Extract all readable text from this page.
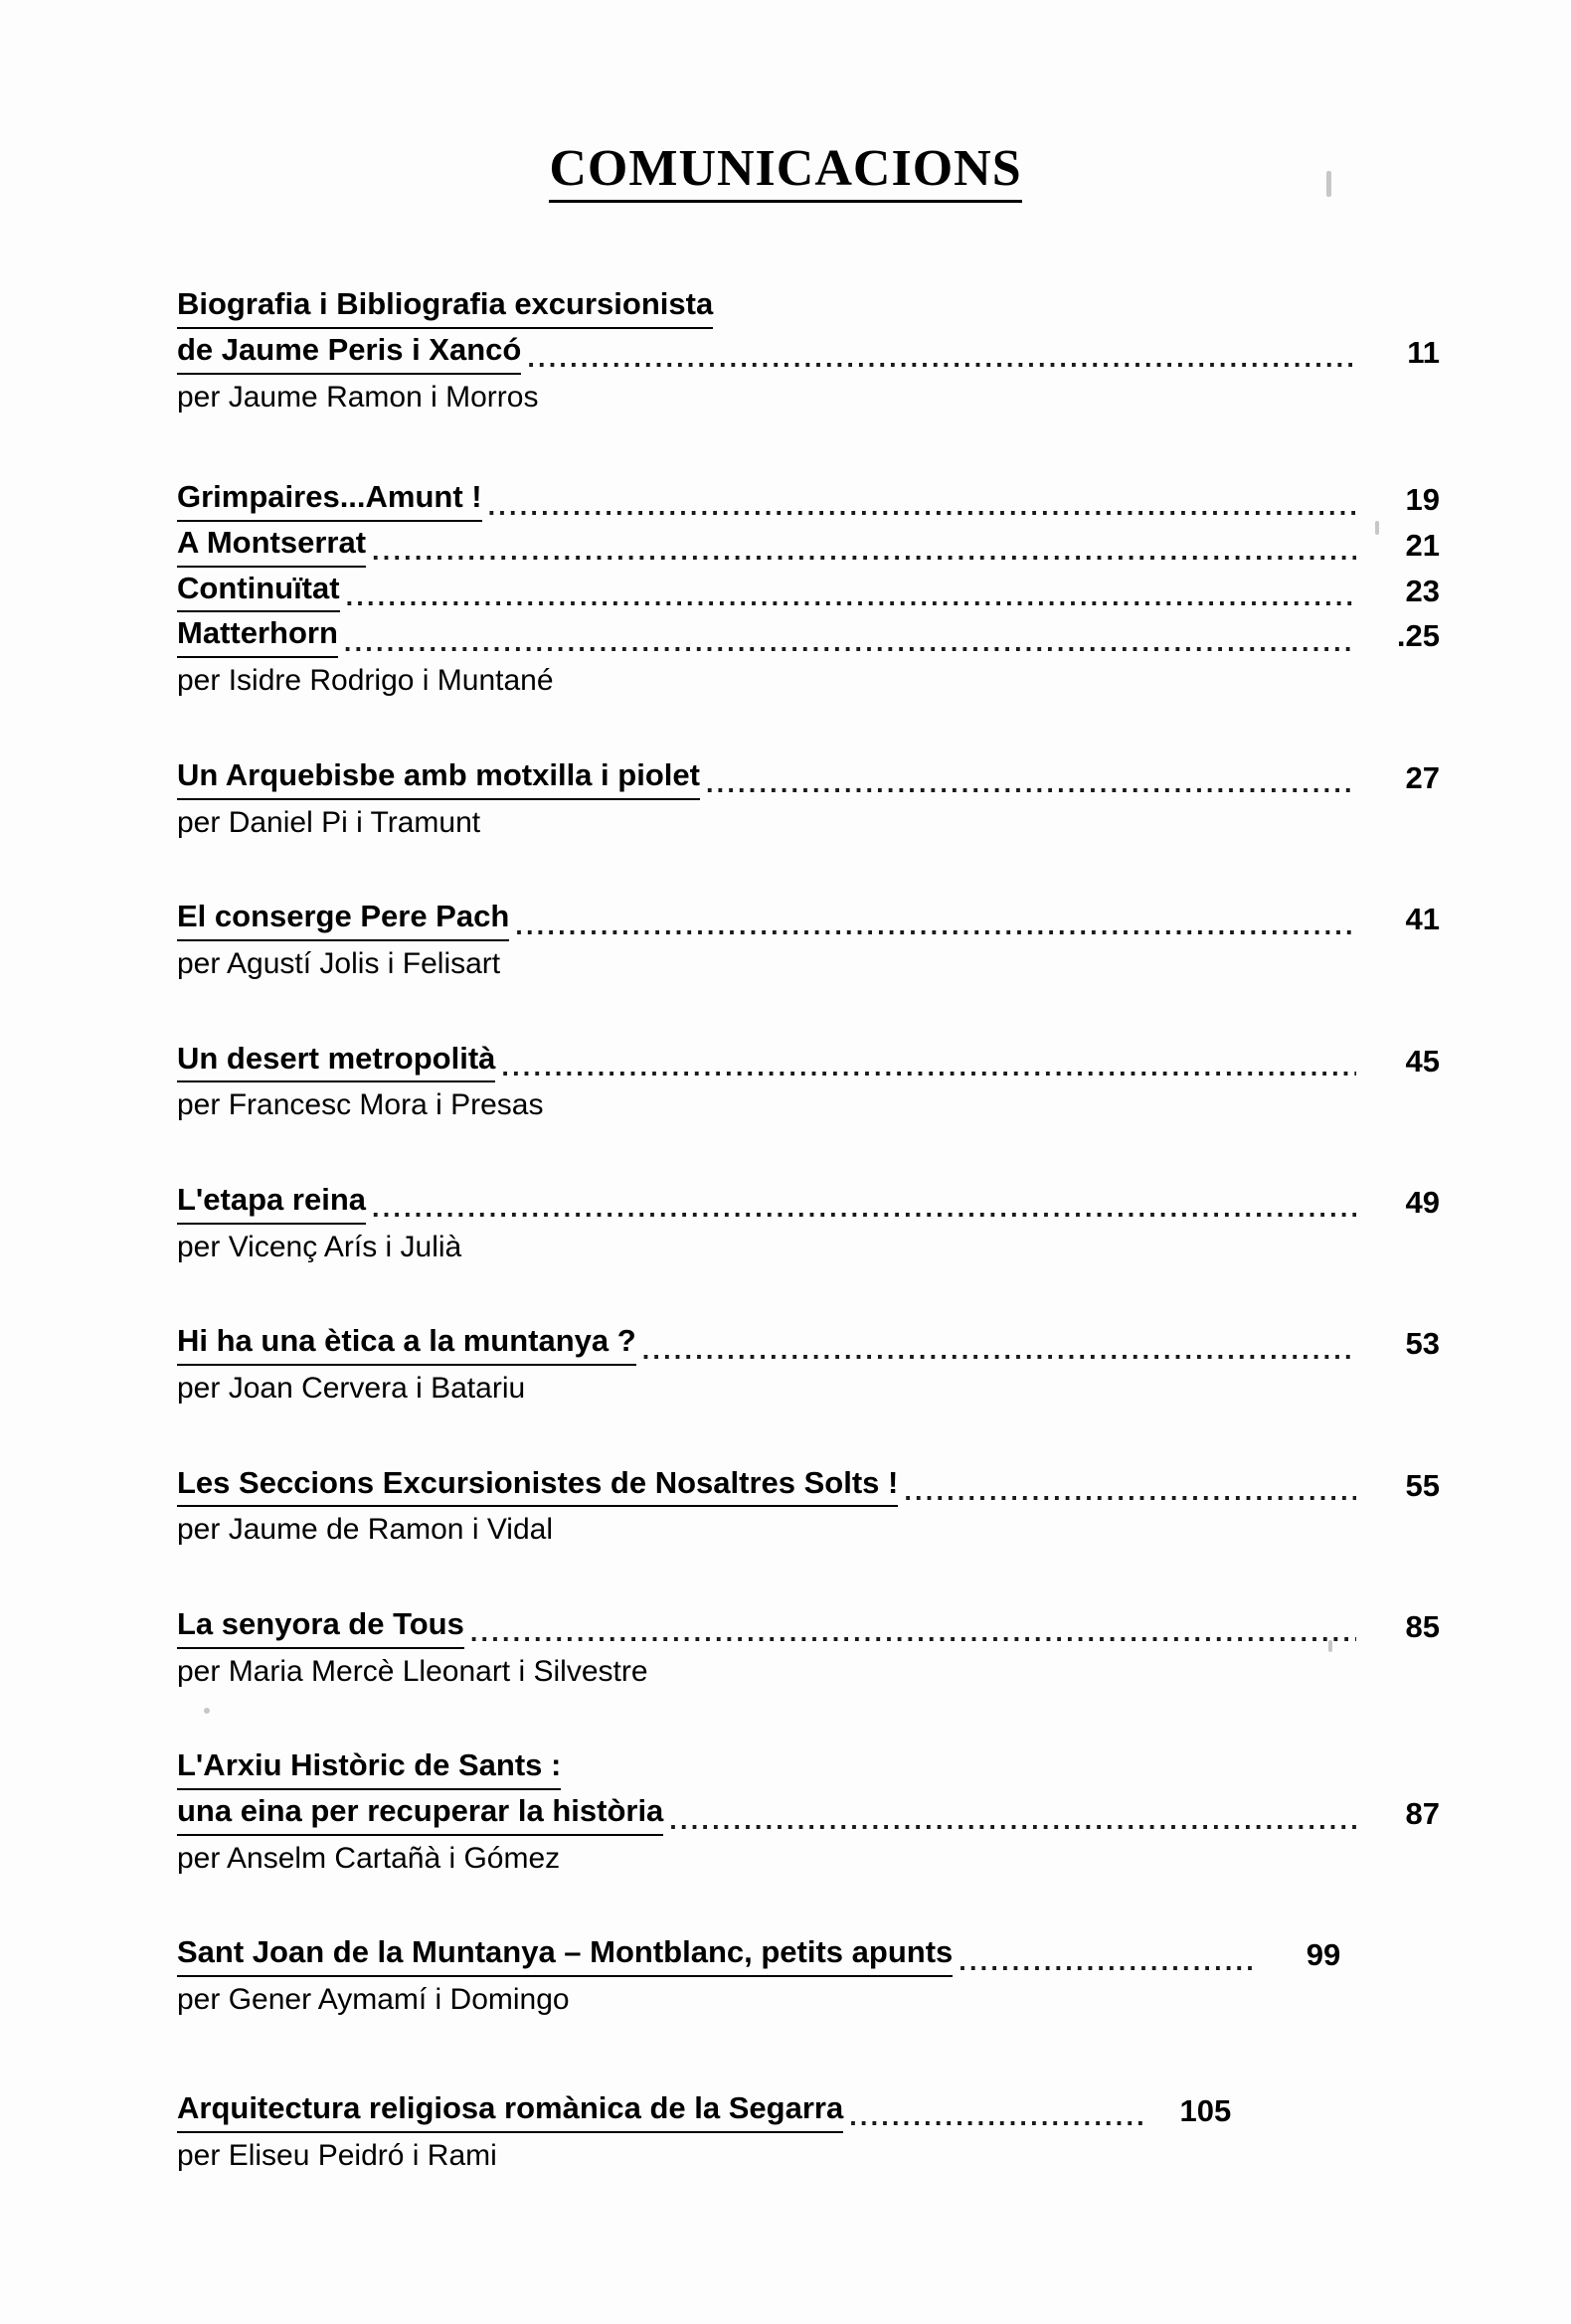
COMUNICACIONS
Biografia i Bibliografia excursionista
de Jaume Peris i Xancó .....	11
per Jaume Ramon i Morros
Grimpaires...Amunt ! .....	19
A Montserrat .....	21
Continuïtat .....	23
Matterhorn .....	.25
per Isidre Rodrigo i Muntané
Un Arquebisbe amb motxilla i piolet .....	27
per Daniel Pi i Tramunt
El conserge Pere Pach .....	41
per Agustí Jolis i Felisart
Un desert metropolità .....	45
per Francesc Mora i Presas
L'etapa reina .....	49
per Vicenç Arís i Julià
Hi ha una ètica a la muntanya ? .....	53
per Joan Cervera i Batariu
Les Seccions Excursionistes de Nosaltres Solts ! .....	55
per Jaume de Ramon i Vidal
La senyora de Tous .....	85
per Maria Mercè Lleonart i Silvestre
L'Arxiu Històric de Sants :
una eina per recuperar la història .....	87
per Anselm Cartañà i Gómez
Sant Joan de la Muntanya – Montblanc, petits apunts .....	99
per Gener Aymamí i Domingo
Arquitectura religiosa romànica de la Segarra .....	105
per Eliseu Peidró i Rami
